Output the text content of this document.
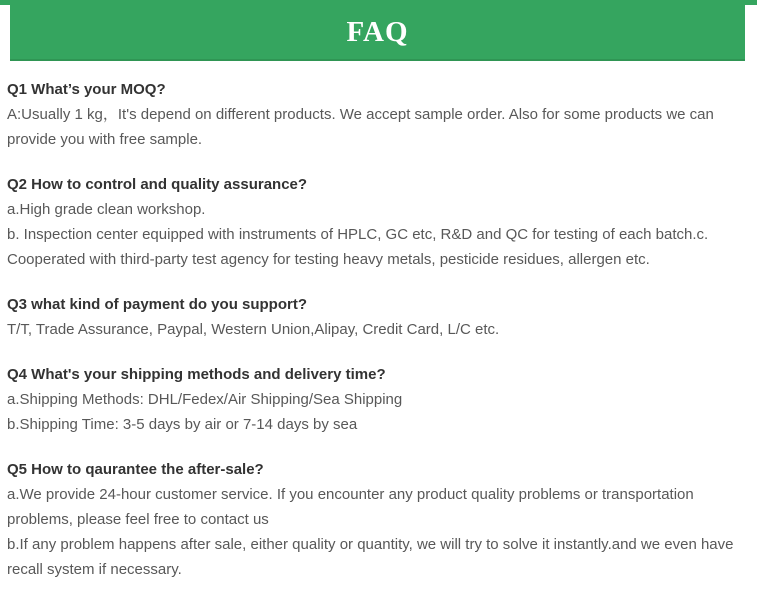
FAQ
Q1 What’s your MOQ?
A:Usually 1 kg，It's depend on different products. We accept sample order. Also for some products we can provide you with free sample.
Q2 How to control and quality assurance?
a.High grade clean workshop.
b. Inspection center equipped with instruments of HPLC, GC etc, R&D and QC for testing of each batch.c. Cooperated with third-party test agency for testing heavy metals, pesticide residues, allergen etc.
Q3 what kind of payment do you support?
T/T, Trade Assurance, Paypal, Western Union,Alipay, Credit Card, L/C etc.
Q4 What's your shipping methods and delivery time?
a.Shipping Methods: DHL/Fedex/Air Shipping/Sea Shipping
b.Shipping Time: 3-5 days by air or 7-14 days by sea
Q5 How to qaurantee the after-sale?
a.We provide 24-hour customer service. If you encounter any product quality problems or transportation problems, please feel free to contact us
b.If any problem happens after sale, either quality or quantity, we will try to solve it instantly.and we even have recall system if necessary.
